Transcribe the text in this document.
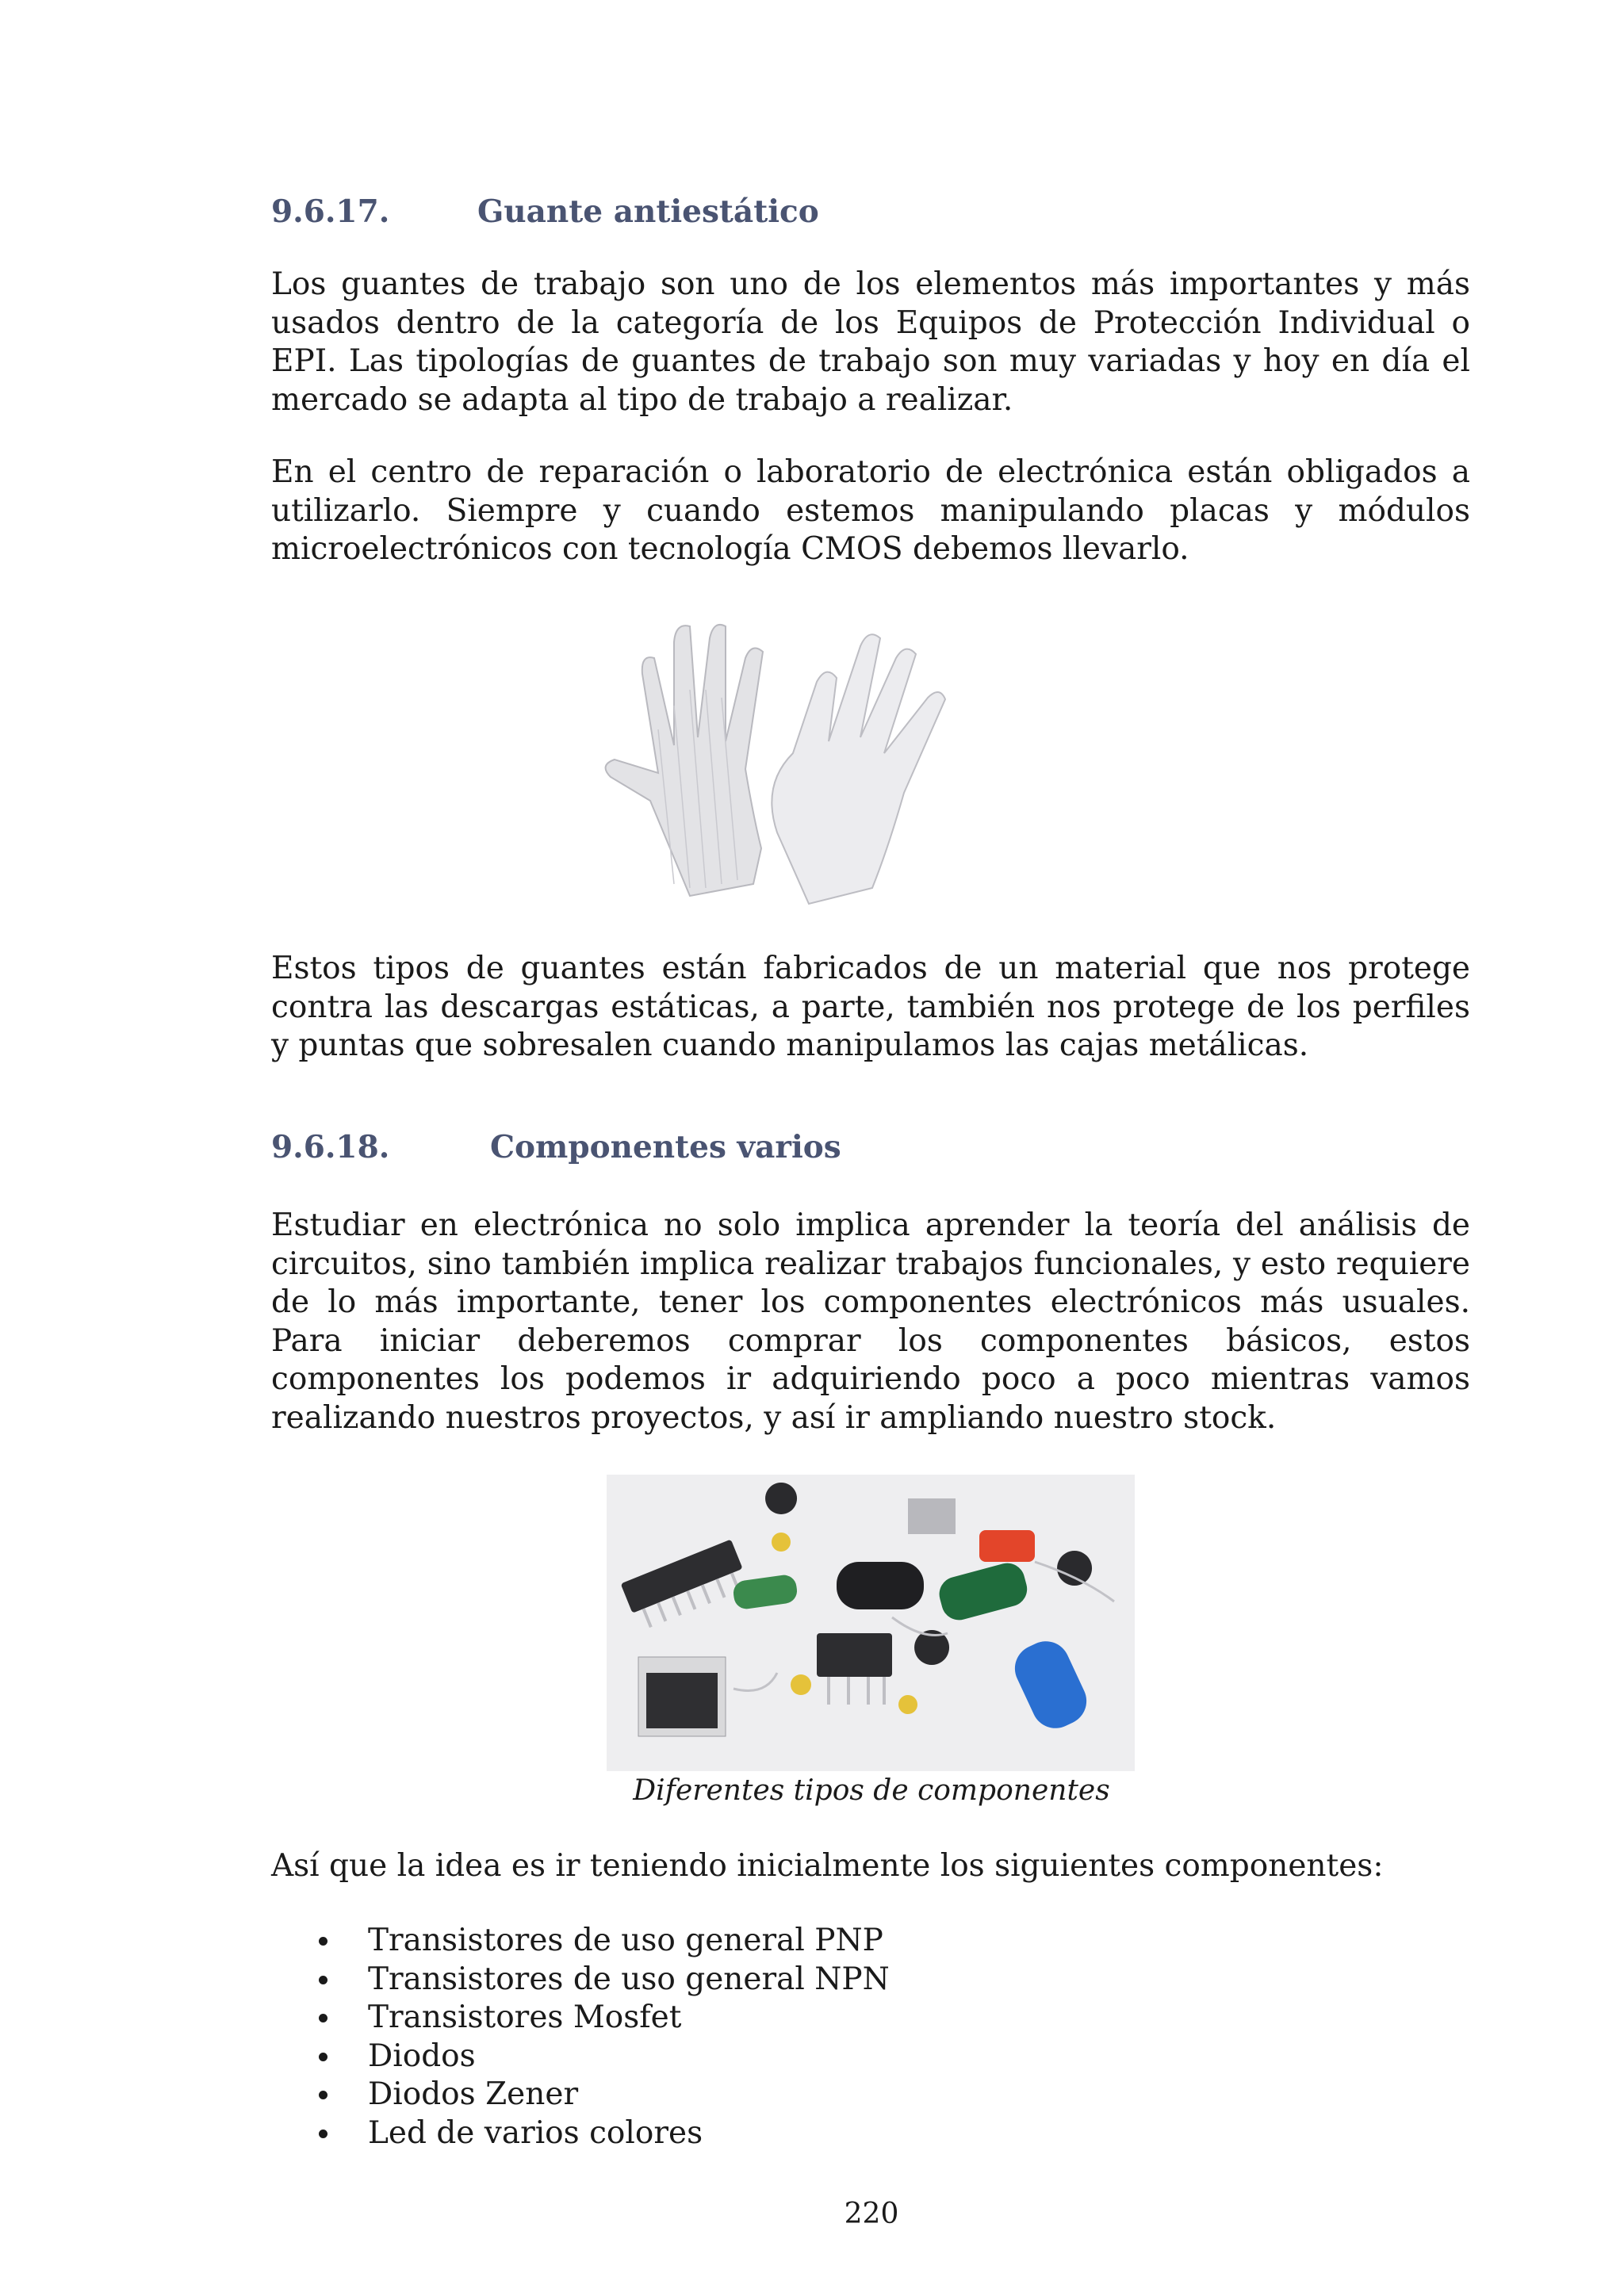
9.6.17.	Guante antiestático

Los guantes de trabajo son uno de los elementos más importantes y más usados dentro de la categoría de los Equipos de Protección Individual o EPI. Las tipologías de guantes de trabajo son muy variadas y hoy en día el mercado se adapta al tipo de trabajo a realizar.

En el centro de reparación o laboratorio de electrónica están obligados a utilizarlo. Siempre y cuando estemos manipulando placas y módulos microelectrónicos con tecnología CMOS debemos llevarlo.

Estos tipos de guantes están fabricados de un material que nos protege contra las descargas estáticas, a parte, también nos protege de los perfiles y puntas que sobresalen cuando manipulamos las cajas metálicas.

9.6.18.	Componentes varios

Estudiar en electrónica no solo implica aprender la teoría del análisis de circuitos, sino también implica realizar trabajos funcionales, y esto requiere de lo más importante, tener los componentes electrónicos más usuales. Para iniciar deberemos comprar los componentes básicos, estos componentes los podemos ir adquiriendo poco a poco mientras vamos realizando nuestros proyectos, y así ir ampliando nuestro stock.

Diferentes tipos de componentes

Así que la idea es ir teniendo inicialmente los siguientes componentes:

Transistores de uso general PNP
Transistores de uso general NPN
Transistores Mosfet
Diodos
Diodos Zener
Led de varios colores
220
